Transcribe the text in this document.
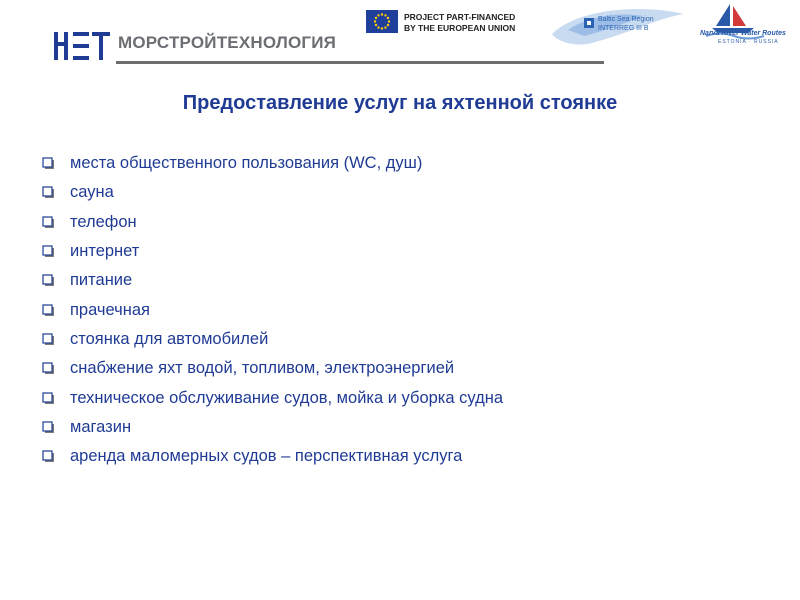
МОРСТРОЙТЕХНОЛОГИЯ
PROJECT PART-FINANCED
BY THE EUROPEAN UNION
Baltic Sea Region
INTERREG III B
Narva River Water Routes
ESTONIA · RUSSIA
Предоставление услуг на яхтенной стоянке
места общественного пользования (WC, душ)
сауна
телефон
интернет
питание
прачечная
стоянка для автомобилей
снабжение яхт водой, топливом, электроэнергией
техническое обслуживание судов, мойка и уборка судна
магазин
аренда маломерных судов – перспективная услуга
